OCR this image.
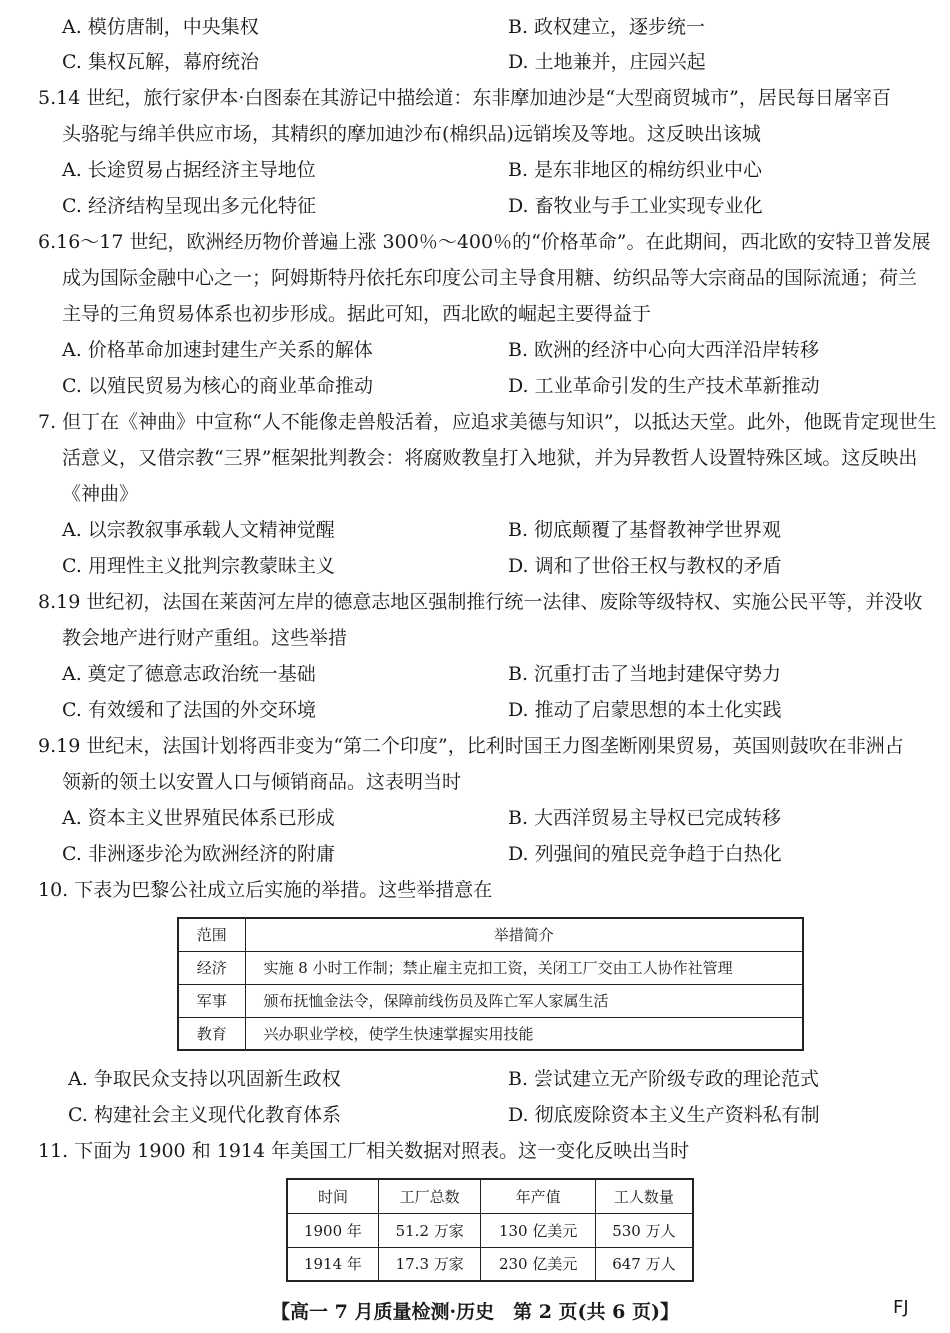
A. 模仿唐制，中央集权	B. 政权建立，逐步统一
C. 集权瓦解，幕府统治	D. 土地兼并，庄园兴起
5.14 世纪，旅行家伊本·白图泰在其游记中描绘道：东非摩加迪沙是“大型商贸城市”，居民每日屠宰百
头骆驼与绵羊供应市场，其精织的摩加迪沙布(棉织品)远销埃及等地。这反映出该城
A. 长途贸易占据经济主导地位	B. 是东非地区的棉纺织业中心
C. 经济结构呈现出多元化特征	D. 畜牧业与手工业实现专业化
6.16～17 世纪，欧洲经历物价普遍上涨 300％～400％的“价格革命”。在此期间，西北欧的安特卫普发展
成为国际金融中心之一；阿姆斯特丹依托东印度公司主导食用糖、纺织品等大宗商品的国际流通；荷兰
主导的三角贸易体系也初步形成。据此可知，西北欧的崛起主要得益于
A. 价格革命加速封建生产关系的解体	B. 欧洲的经济中心向大西洋沿岸转移
C. 以殖民贸易为核心的商业革命推动	D. 工业革命引发的生产技术革新推动
7. 但丁在《神曲》中宣称“人不能像走兽般活着，应追求美德与知识”，以抵达天堂。此外，他既肯定现世生
活意义，又借宗教“三界”框架批判教会：将腐败教皇打入地狱，并为异教哲人设置特殊区域。这反映出
《神曲》
A. 以宗教叙事承载人文精神觉醒	B. 彻底颠覆了基督教神学世界观
C. 用理性主义批判宗教蒙昧主义	D. 调和了世俗王权与教权的矛盾
8.19 世纪初，法国在莱茵河左岸的德意志地区强制推行统一法律、废除等级特权、实施公民平等，并没收
教会地产进行财产重组。这些举措
A. 奠定了德意志政治统一基础	B. 沉重打击了当地封建保守势力
C. 有效缓和了法国的外交环境	D. 推动了启蒙思想的本土化实践
9.19 世纪末，法国计划将西非变为“第二个印度”，比利时国王力图垄断刚果贸易，英国则鼓吹在非洲占
领新的领土以安置人口与倾销商品。这表明当时
A. 资本主义世界殖民体系已形成	B. 大西洋贸易主导权已完成转移
C. 非洲逐步沦为欧洲经济的附庸	D. 列强间的殖民竞争趋于白热化
10. 下表为巴黎公社成立后实施的举措。这些举措意在
范围	举措简介
经济	实施 8 小时工作制；禁止雇主克扣工资，关闭工厂交由工人协作社管理
军事	颁布抚恤金法令，保障前线伤员及阵亡军人家属生活
教育	兴办职业学校，使学生快速掌握实用技能
A. 争取民众支持以巩固新生政权	B. 尝试建立无产阶级专政的理论范式
C. 构建社会主义现代化教育体系	D. 彻底废除资本主义生产资料私有制
11. 下面为 1900 和 1914 年美国工厂相关数据对照表。这一变化反映出当时
时间	工厂总数	年产值	工人数量
1900 年	51.2 万家	130 亿美元	530 万人
1914 年	17.3 万家	230 亿美元	647 万人
【高一 7 月质量检测·历史　第 2 页(共 6 页)】	FJ
